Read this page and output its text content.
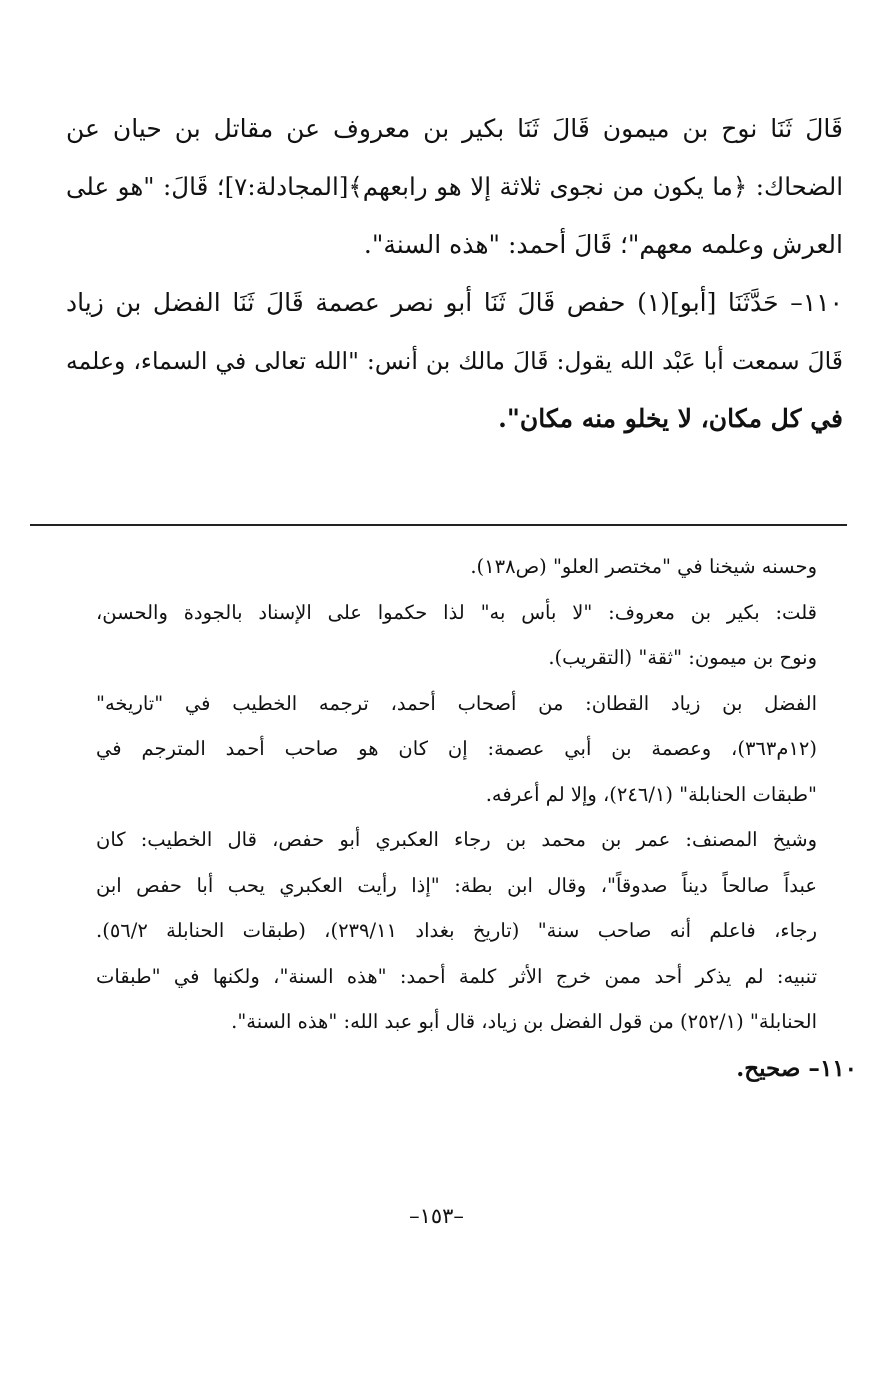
قَالَ ثَنَا نوح بن ميمون قَالَ ثَنَا بكير بن معروف عن مقاتل بن حيان عن
الضحاك: ﴿ما يكون من نجوى ثلاثة إلا هو رابعهم﴾[المجادلة:٧]؛ قَالَ: "هو على
العرش وعلمه معهم"؛ قَالَ أحمد: "هذه السنة".
١١٠– حَدَّثَنَا [أبو](١) حفص قَالَ ثَنَا أبو نصر عصمة قَالَ ثَنَا الفضل بن زياد
قَالَ سمعت أبا عَبْد الله يقول: قَالَ مالك بن أنس: "الله تعالى في السماء، وعلمه
في كل مكان، لا يخلو منه مكان".
وحسنه شيخنا في "مختصر العلو" (ص١٣٨).
قلت: بكير بن معروف: "لا بأس به" لذا حكموا على الإسناد بالجودة والحسن،
ونوح بن ميمون: "ثقة" (التقريب).
الفضل بن زياد القطان: من أصحاب أحمد، ترجمه الخطيب في "تاريخه"
(١٢م٣٦٣)، وعصمة بن أبي عصمة: إن كان هو صاحب أحمد المترجم في
"طبقات الحنابلة" (٢٤٦/١)، وإلا لم أعرفه.
وشيخ المصنف: عمر بن محمد بن رجاء العكبري أبو حفص، قال الخطيب: كان
عبداً صالحاً ديناً صدوقاً"، وقال ابن بطة: "إذا رأيت العكبري يحب أبا حفص ابن
رجاء، فاعلم أنه صاحب سنة" (تاريخ بغداد ٢٣٩/١١)، (طبقات الحنابلة ٥٦/٢).
تنبيه: لم يذكر أحد ممن خرج الأثر كلمة أحمد: "هذه السنة"، ولكنها في "طبقات
الحنابلة" (٢٥٢/١) من قول الفضل بن زياد، قال أبو عبد الله: "هذه السنة".
١١٠– صحيح.
–١٥٣–
